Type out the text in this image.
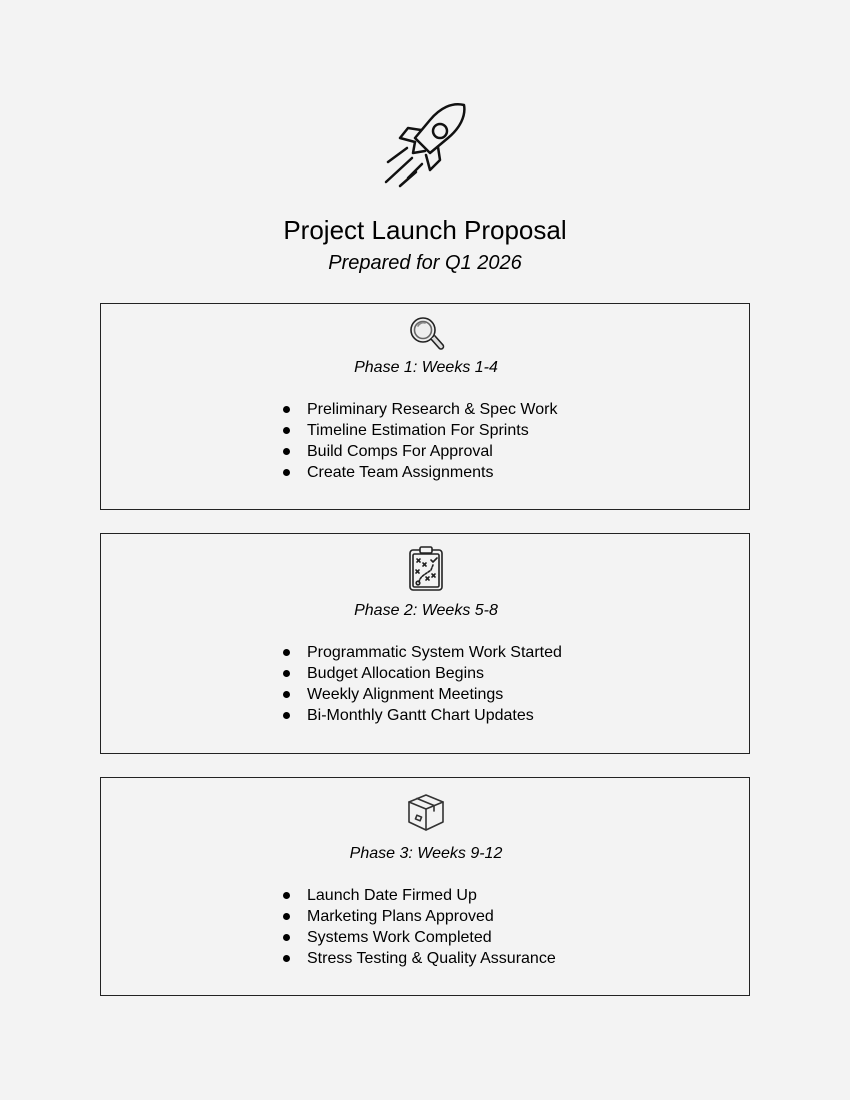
Project Launch Proposal
Prepared for Q1 2026
Phase 1: Weeks 1-4
Preliminary Research & Spec Work
Timeline Estimation For Sprints
Build Comps For Approval
Create Team Assignments
Phase 2: Weeks 5-8
Programmatic System Work Started
Budget Allocation Begins
Weekly Alignment Meetings
Bi-Monthly Gantt Chart Updates
Phase 3: Weeks 9-12
Launch Date Firmed Up
Marketing Plans Approved
Systems Work Completed
Stress Testing & Quality Assurance
